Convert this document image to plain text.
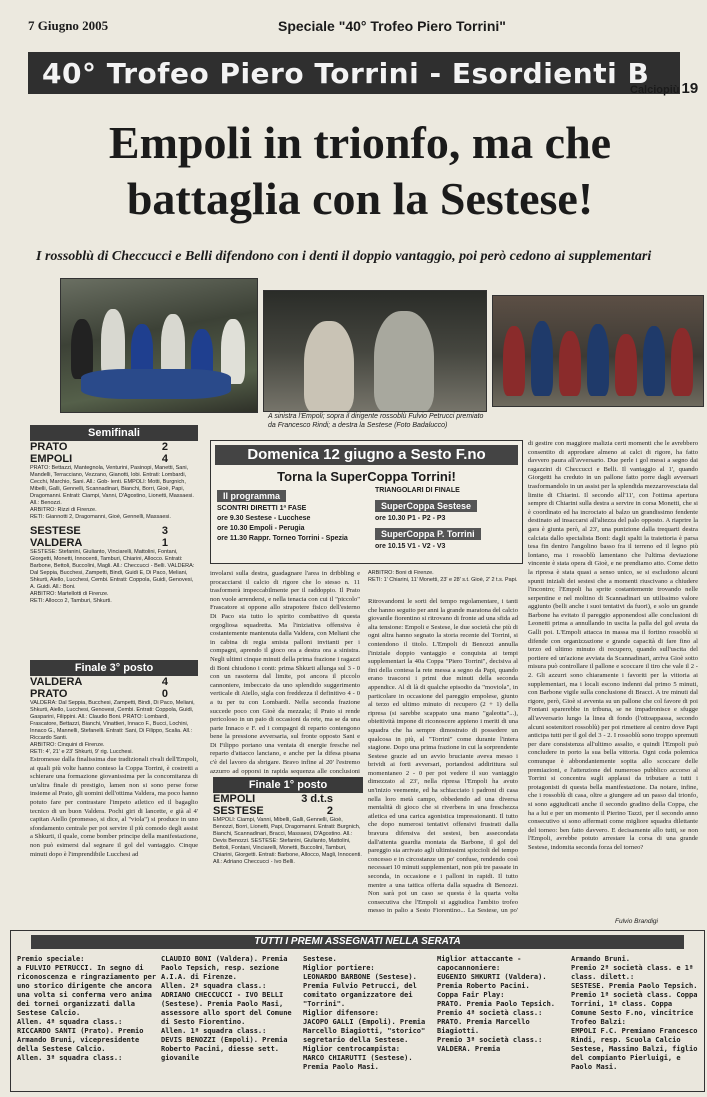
7 Giugno 2005	Speciale "40° Trofeo Piero Torrini"
40° Trofeo Piero Torrini - Esordienti B
Calciopiù 19
Empoli in trionfo, ma che
battaglia con la Sestese!
I rossoblù di Checcucci e Belli difendono con i denti il doppio vantaggio, poi però cedono ai supplementari
A sinistra l'Empoli; sopra il dirigente rossoblù Fulvio Petrucci premiato da Francesco Rindi; a destra la Sestese (Foto Badalucco)
Semifinali
PRATO	2
EMPOLI	4
PRATO: Bettazzi, Mantegnola, Venturini, Pasinopi, Manetti, Sani, Mandelli, Terracciano, Vezzano, Gianotti, lobi. Entrati: Lombardi, Cecchi, Marchio, Sani. All.: Gob- lenti. EMPOLI: Motti, Burgnich, Mibelli, Galli, Gennelli, Scannadinari, Bianchi, Borri, Gioè, Papi, Dragomanni. Entrati: Ciampi, Vanni, D'Agostino, Lionetti, Massaesi. All.: Benozzi.
ARBITRO: Rizzi di Firenze.
RETI: Giannotti 2, Dragomanni, Gioè, Gennelli, Massaesi.
SESTESE	3
VALDERA	1
SESTESE: Stefanini, Giulianto, Vinciarelli, Mattolini, Fontani, Giorgetti, Monetti, Innocenti, Tamburi, Chiarini, Allocco. Entrati: Barbone, Bettoli, Buccolini, Magli. All.: Checcucci - Belli. VALDERA: Dal Seppia, Bucchesi, Zampetti, Bindi, Guidi E, Di Paco, Meliani, Shkurti, Aiello, Lucchesi, Cembi. Entrati: Coppola, Guidi, Genovesi, A. Guidi. All.: Boni.
ARBITRO: Martellotti di Firenze.
RETI: Allocco 2, Tamburi, Shkurti.
Finale 3° posto
VALDERA	4
PRATO	0
VALDERA: Dal Seppia, Bucchesi, Zampetti, Bindi, Di Paco, Meliani, Shkurti, Aiello, Lucchesi, Genovesi, Cembi. Entrati: Coppola, Guidi, Gasparini, Filippini. All.: Claudio Boni. PRATO: Lombardi, Frascatore, Bettazzi, Bianchi, Vinattieri, Innaco F., Bucci, Lochini, Innaco G., Mannelli, Stefanelli. Entrati: Sani, Di Filippo, Scalia. All.: Riccardo Santi.
ARBITRO: Cinquini di Firenze.
RETI: 4', 21' e 23' Shkurti, 9' rig. Lucchesi.
Estromesse dalla finalissima due tradizionali rivali dell'Empoli, ai quali più volte hanno conteso la Coppa Torrini, è costretti a schierare una formazione giovanissima per la concomitanza di un'altra finale di prestigio, lamen non si sono perse forse insieme al Prato, gli uomini dell'ottima Valdera, ma poco hanno potuto fare per contrastare l'impeto atletico ed il bagaglio tecnico di un buon Valdera. Pochi giri di lancette, e già al 4' capitan Aiello (promesso, si dice, al "viola") si produce in uno sfondamento centrale per poi servire il più comodo degli assist a Shkurti, il quale, come bomber principe della manifestazione, non può esimersi dal segnare il gol del vantaggio. Cinque minuti dopo è l'imprendibile Lucchesi ad
Domenica 12 giugno a Sesto F.no
Torna la SuperCoppa Torrini!
Il programma
SCONTRI DIRETTI 1ª FASE
ore 9.30 Sestese - Lucchese
ore 10.30 Empoli - Perugia
ore 11.30 Rappr. Torneo Torrini - Spezia
TRIANGOLARI DI FINALE
SuperCoppa Sestese
ore 10.30 P1 - P2 - P3
SuperCoppa P. Torrini
ore 10.15 V1 - V2 - V3
involarsi sulla destra, guadagnare l'area in dribbling e procacciarsi il calcio di rigore che lo stesso n. 11 trasformerà impeccabilmente per il raddoppio. Il Prato non vuole arrendersi, e nella tenacia con cui il "piccolo" Frascatore si oppone allo strapotere fisico dell'esterno Di Paco sta tutto lo spirito combattivo di questa orgogliosa squadretta. Ma l'iniziativa offensiva è costantemente mantenuta dalla Valdera, con Meliani che in cabina di regia smista palloni invitanti per i compagni, aprendo il gioco ora a destra ora a sinistra. Negli ultimi cinque minuti della prima frazione i ragazzi di Boni chiudono i conti: prima Shkurti allunga sul 3 - 0 con un rasoterra dal limite, poi ancora il piccolo cannoniere, imbeccato da uno splendido suggerimento verticale di Aiello, sigla con freddezza il definitivo 4 - 0 a tu per tu con Lombardi. Nella seconda frazione succede poco con Gioè da mezzala; il Prato si rende pericoloso in un paio di occasioni da rete, ma se da una parte Innaco e F. ed i compagni di reparto contengono bene la pressione avversaria, sul fronte opposto Sani e Di Filippo portano una ventata di energie fresche nel reparto d'attacco lanciano, e anche per la difesa pisana c'è del lavoro da sbrigare. Bravo infine al 20' l'estremo azzurro ad opporsi in rapida sequenza alle conclusioni
Finale 1° posto
EMPOLI	3 d.t.s
SESTESE	2
EMPOLI: Ciampi, Vanni, Mibelli, Galli, Gennelli, Gioè, Benozzi, Borri, Lionetti, Papi, Dragomanni. Entrati: Burgnich, Bianchi, Scannadinari, Bracci, Massaesi, D'Agostino. All.: Devis Benozzi. SESTESE: Stefanini, Giulianto, Mattolini, Bettoli, Fontani, Vinciarelli, Monetti, Buccolini, Tamburi, Chiarini, Giorgetti. Entrati: Barbone, Allocco, Magli, Innocenti. All.: Adriano Checcucci - Ivo Belli.
ARBITRO: Boni di Firenze.
RETI: 1' Chiarini, 11' Monetti, 23' e 28' s.t. Gioè, 2' 2 t.s. Papi.
Ritrovandomi le sorti del tempo regolamentare, i tanti che hanno seguito per anni la grande maratona del calcio giovanile fiorentino si ritrovano di fronte ad una sfida ad alta tensione: Empoli e Sestese, le due società che più di ogni altra hanno segnato la storia recente del Torrini, si contendono il titolo. L'Empoli di Benozzi annulla l'iniziale doppio vantaggio e conquista ai tempi supplementari la 40a Coppa "Piero Torrini", decisiva al fini della contesa la rete messa a segno da Papi, quando erano trascorsi i primi due minuti della seconda appendice. Al di là di qualche episodio da "moviola", in particolare in occasione del pareggio empolese, giunto al terzo ed ultimo minuto di recupero (2 + 1) della ripresa (si sarebbe scappato una mano "galeotta"...), obiettività impone di riconoscere appieno i meriti di una squadra che ha sempre dimostrato di possedere un qualcosa in più, al "Torrini" come durante l'intera stagione. Dopo una prima frazione in cui la sorprendente Sestese grazie ad un avvio bruciante aveva messo i brividi ai forti avversari, portandosi addirittura sul momentaneo 2 - 0 per poi vedere il suo vantaggio dimezzato al 23', nella ripresa l'Empoli ha avuto un'inizio veemente, ed ha schiacciato i padroni di casa nella loro metà campo, obbedendo ad una diversa mentalità di gioco che si riverbera in una freschezza atletica ed una carica agonistica impressionanti. Il tutto che dopo numerosi tentativi offensivi frustrati dalla bravura difensiva dei sestesi, ben assecondata dall'attenta guardia montata da Barbone, il gol del pareggio sia arrivato agli ultimissimi spiccioli del tempo concesso e in circostanze un po' confuse, rendendo così necessari 10 minuti supplementari, non più tre passate in seconda, in occasione e i palloni in rapidi. Il tutto mentre a una tattica offerta dalla squadra di Benozzi. Non sarà poi un caso se questa è la quarta volta consecutiva che l'Empoli si aggiudica l'ambito trofeo messo in palio a Sesto Fiorentino... La Sestese, un po'
di gestire con maggiore malizia certi momenti che le avrebbero consentito di approdare almeno ai calci di rigore, ha fatto davvero paura all'avversario. Due perle i gol messi a segno dai ragazzini di Checcucci e Belli. Il vantaggio al 1', quando Giorgetti ha creduto in un pallone fatto porre dagli avversari trasformandolo in un assist per la splendida mezzarovesciata dal limite di Chiarini. Il secondo all'11', con l'ottima apertura sempre di Chiarini sulla destra a servire in corsa Monetti, che si è coordinato ed ha incrociato al balzo un grandissimo fendente destinato ad insaccarsi all'altezza del palo opposto. A riaprire la gara è giunta però, al 23', una punizione dalla trequarti destra calciata dallo specialista Boni: dagli spalti la traiettoria è parsa tesa fin dentro l'angolino basso fra il terreno ed il legno più lontano, ma i rossoblù lamentano che l'ultima deviazione vincente è stata opera di Gioè, e ne prendiamo atto. Come detto la ripresa è stata quasi a senso unico, se si escludono alcuni spunti iniziali dei sestesi che a momenti riuscivano a chiudere l'incontro; l'Empoli ha sprite costantemente trovando nelle serpentine e nel moltino di Scannadinari un utilissimo valore aggiunto (belli anche i suoi tentativi da fuori), e solo un grande Barbone ha evitato il pareggio apponendosi alle conclusioni di Leonetti prima a annullando in uscita la palla del gol avuta da Galli poi. L'Empoli attacca in massa ma il fortino rossoblù si difende con organizzazione e grande capacità di fare fino al terzo ed ultimo minuto di recupero, quando sull'uscita del portiere ed un'azione avviata da Scannadinari, arriva Gioè sotto misura può controllare il pallone e scoccare il tiro che vale il 2 - 2. Gli azzurri sono chiaramente i favoriti per la vittoria ai supplementari, ma i locali escono indenni dal primo 5 minuti, con Barbone vigile sulla conclusione di Bracci. A tre minuti dal rigore, però, Gioè si avventa su un pallone che col favore di poi Fontani sparerebbe in tribuna, se ne impadronisce e sfugge all'avversario lungo la linea di fondo (l'ottoappassa, secondo alcuni sostenitori rossoblù) per poi rimettere al centro dove Papi anticipa tutti per il gol del 3 - 2. I rossoblù sono troppo spremuti per dare consistenza all'ultimo assalto, e quindi l'Empoli può concludere in porto la sua bella vittoria. Ogni coda polemica comunque è abbondantemente sopita allo scoccare delle premiazioni, e l'attenzione del numeroso pubblico accorso al Torrini si concentra sugli applausi da tributare a tutti i protagonisti di questa bella manifestazione. Da notare, infine, che i rossoblù di casa, oltre a giungere ad un passo dal trionfo, si sono aggiudicati anche il secondo gradino della Coppa, che ha a lui e per un momento il Pierino Tazzi, per il secondo anno consecutivo si sono affermati come migliore squadra dilettante del torneo: ben fatto davvero. E decisamente allo tutti, se non l'Empoli, avrebbe potuto arrestare la corsa di una grande Sestese, indomita seconda forza del torneo?
Fulvio Brandigi
TUTTI I PREMI ASSEGNATI NELLA SERATA
Premio speciale:
a FULVIO PETRUCCI. In segno di riconoscenza e ringraziamento per uno storico dirigente che ancora una volta si conferma vero anima dei tornei organizzati dalla Sestese Calcio.
Allen. 4ª squadra class.:
RICCARDO SANTI (Prato). Premio Armando Bruni, vicepresidente della Sestese Calcio.
Allen. 3ª squadra class.:
CLAUDIO BONI (Valdera). Premia Paolo Tepsich, resp. sezione A.I.A. di Firenze.
Allen. 2ª squadra class.:
ADRIANO CHECCUCCI - IVO BELLI (Sestese). Premia Paolo Masi, assessore allo sport del Comune di Sesto Fiorentino.
Allen. 1ª squadra class.:
DEVIS BENOZZI (Empoli). Premia Roberto Pacini, diesse sett. giovanile
Sestese.
Miglior portiere:
LEONARDO BARBONE (Sestese). Premia Fulvio Petrucci, del comitato organizzatore dei "Torrini".
Miglior difensore:
JACOPO GALLI (Empoli). Premia Marcello Biagiotti, "storico" segretario della Sestese.
Miglior centrocampista:
MARCO CHIARUTTI (Sestese). Premia Paolo Masi.
Miglior attaccante - capocannoniere:
EUGENIO SHKURTI (Valdera). Premia Roberto Pacini.
Coppa Fair Play:
PRATO. Premia Paolo Tepsich.
Premio 4ª società class.:
PRATO. Premia Marcello Biagiotti.
Premio 3ª società class.:
VALDERA. Premia
Armando Bruni.
Premio 2ª società class. e 1ª class. dilett.:
SESTESE. Premia Paolo Tepsich.
Premio 1ª società class. Coppa Torrini, 1ª class. Coppa Comune Sesto F.no, vincitrice Trofeo Balzi:
EMPOLI F.C. Premiano Francesco Rindi, resp. Scuola Calcio Sestese, Massimo Balzi, figlio del compianto Pierluigi, e Paolo Masi.
